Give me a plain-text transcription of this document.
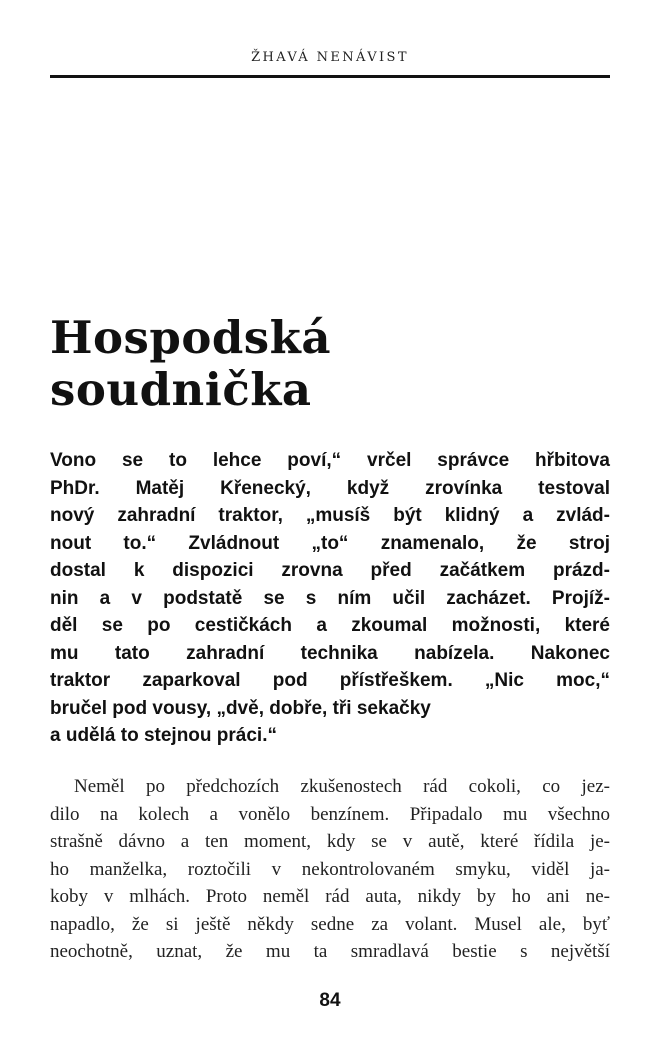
ŽHAVÁ NENÁVIST
Hospodská
soudnička
Vono se to lehce poví,“ vrčel správce hřbitova
PhDr. Matěj Křenecký, když zrovínka testoval
nový zahradní traktor, „musíš být klidný a zvlád-
nout to.“ Zvládnout „to“ znamenalo, že stroj
dostal k dispozici zrovna před začátkem prázd-
nin a v podstatě se s ním učil zacházet. Projíž-
děl se po cestičkách a zkoumal možnosti, které
mu tato zahradní technika nabízela. Nakonec
traktor zaparkoval pod přístřeškem. „Nic moc,“
bručel pod vousy, „dvě, dobře, tři sekačky
a udělá to stejnou práci.“
Neměl po předchozích zkušenostech rád cokoli, co jez-
dilo na kolech a vonělo benzínem. Připadalo mu všechno
strašně dávno a ten moment, kdy se v autě, které řídila je-
ho manželka, roztočili v nekontrolovaném smyku, viděl ja-
koby v mlhách. Proto neměl rád auta, nikdy by ho ani ne-
napadlo, že si ještě někdy sedne za volant. Musel ale, byť
neochotně, uznat, že mu ta smradlavá bestie s největší
84
